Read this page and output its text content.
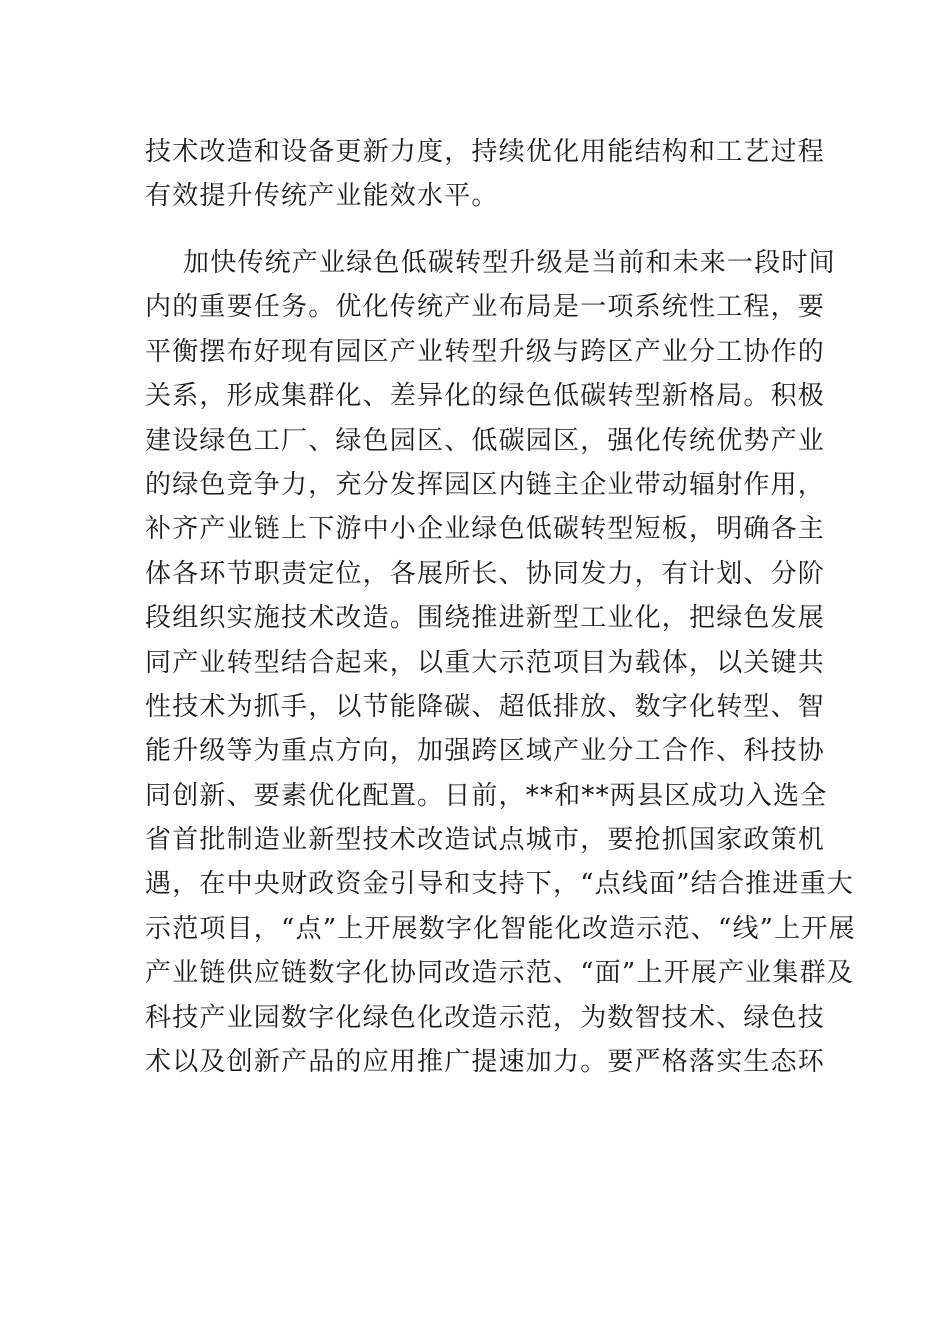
技术改造和设备更新力度，持续优化用能结构和工艺过程
有效提升传统产业能效水平。
加快传统产业绿色低碳转型升级是当前和未来一段时间
内的重要任务。优化传统产业布局是一项系统性工程，要
平衡摆布好现有园区产业转型升级与跨区产业分工协作的
关系，形成集群化、差异化的绿色低碳转型新格局。积极
建设绿色工厂、绿色园区、低碳园区，强化传统优势产业
的绿色竞争力，充分发挥园区内链主企业带动辐射作用，
补齐产业链上下游中小企业绿色低碳转型短板，明确各主
体各环节职责定位，各展所长、协同发力，有计划、分阶
段组织实施技术改造。围绕推进新型工业化，把绿色发展
同产业转型结合起来，以重大示范项目为载体，以关键共
性技术为抓手，以节能降碳、超低排放、数字化转型、智
能升级等为重点方向，加强跨区域产业分工合作、科技协
同创新、要素优化配置。日前，**和**两县区成功入选全
省首批制造业新型技术改造试点城市，要抢抓国家政策机
遇，在中央财政资金引导和支持下，“点线面”结合推进重大
示范项目，“点”上开展数字化智能化改造示范、“线”上开展
产业链供应链数字化协同改造示范、“面”上开展产业集群及
科技产业园数字化绿色化改造示范，为数智技术、绿色技
术以及创新产品的应用推广提速加力。要严格落实生态环
